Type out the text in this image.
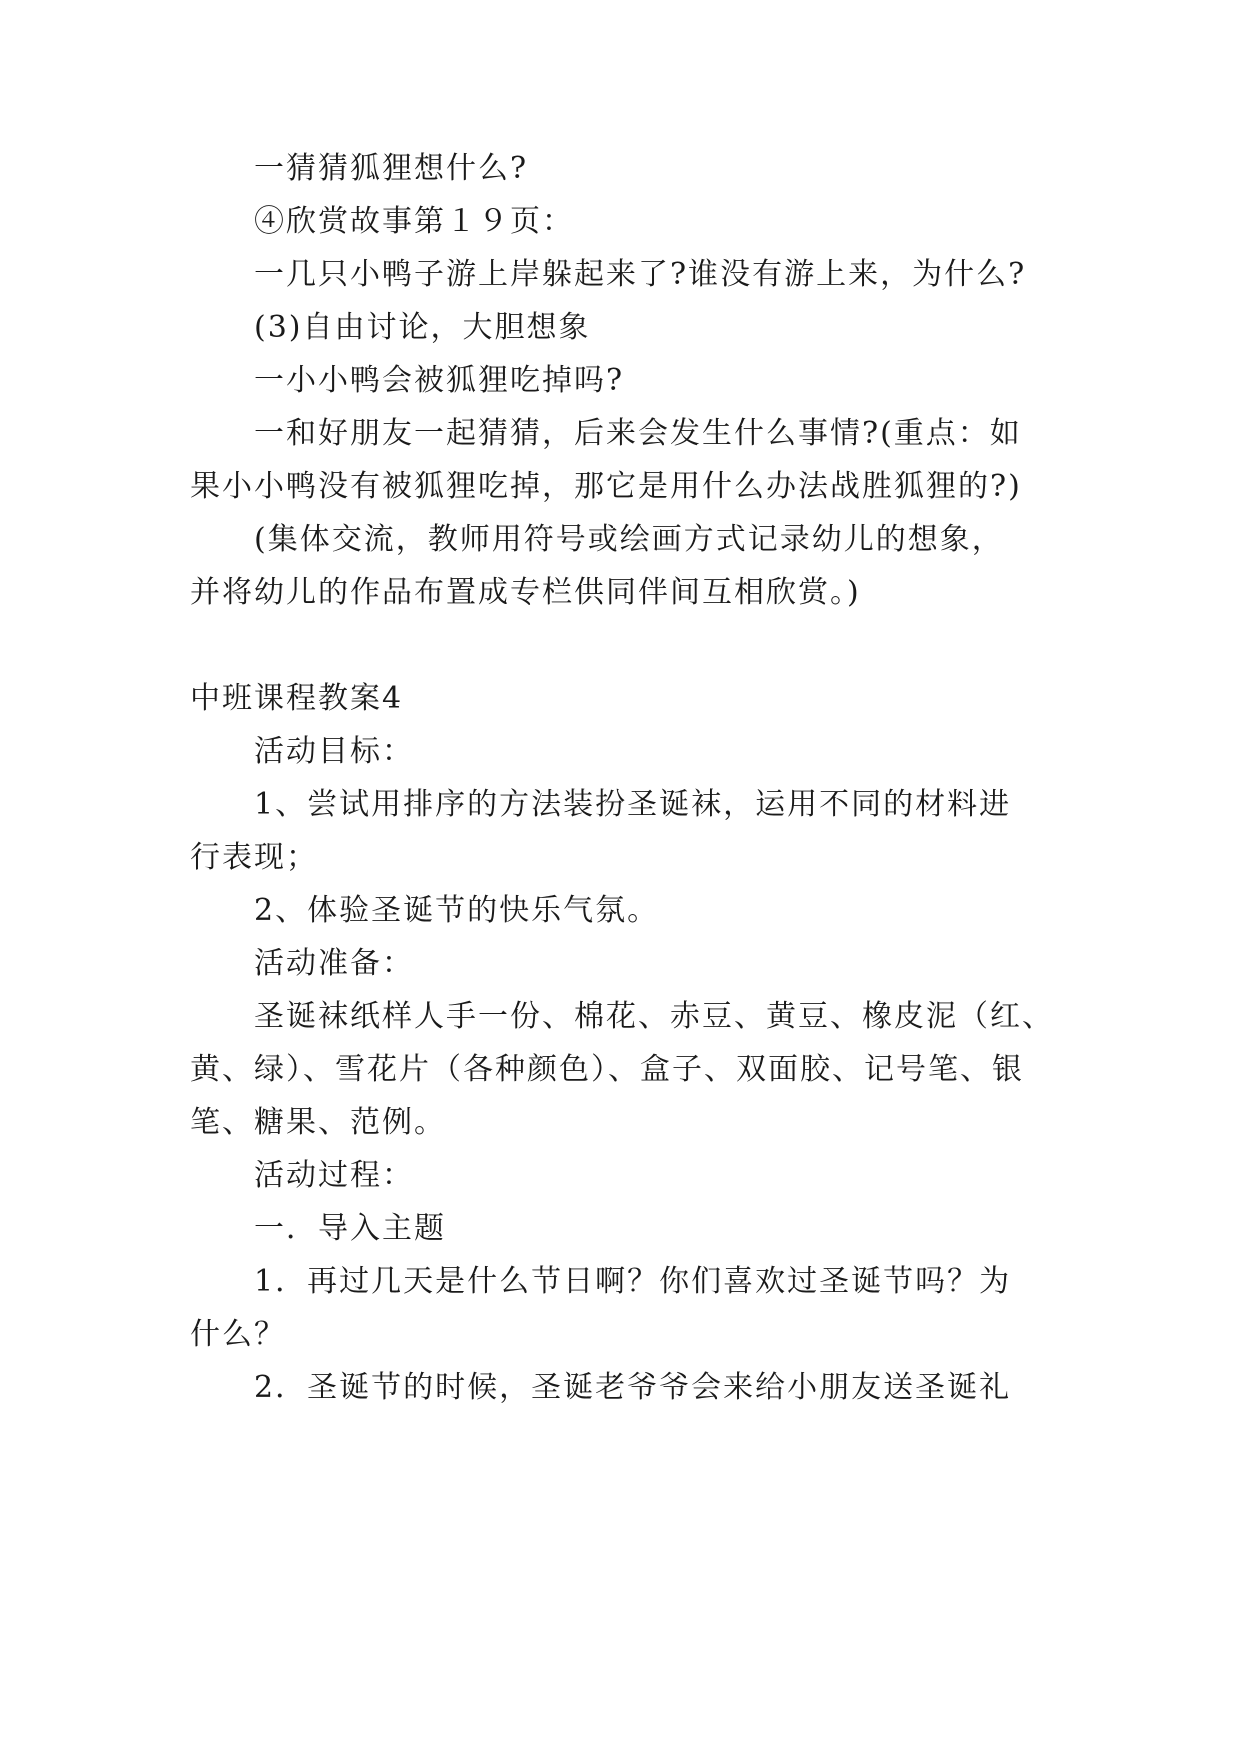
一猜猜狐狸想什么?
④欣赏故事第１９页：
一几只小鸭子游上岸躲起来了?谁没有游上来，为什么?
(3)自由讨论，大胆想象
一小小鸭会被狐狸吃掉吗?
一和好朋友一起猜猜，后来会发生什么事情?(重点：如
果小小鸭没有被狐狸吃掉，那它是用什么办法战胜狐狸的?)
(集体交流，教师用符号或绘画方式记录幼儿的想象，
并将幼儿的作品布置成专栏供同伴间互相欣赏。)
中班课程教案4
活动目标：
1、尝试用排序的方法装扮圣诞袜，运用不同的材料进
行表现；
2、体验圣诞节的快乐气氛。
活动准备：
圣诞袜纸样人手一份、棉花、赤豆、黄豆、橡皮泥（红、
黄、绿）、雪花片（各种颜色）、盒子、双面胶、记号笔、银
笔、糖果、范例。
活动过程：
一．导入主题
1．再过几天是什么节日啊？你们喜欢过圣诞节吗？为
什么？
2．圣诞节的时候，圣诞老爷爷会来给小朋友送圣诞礼
